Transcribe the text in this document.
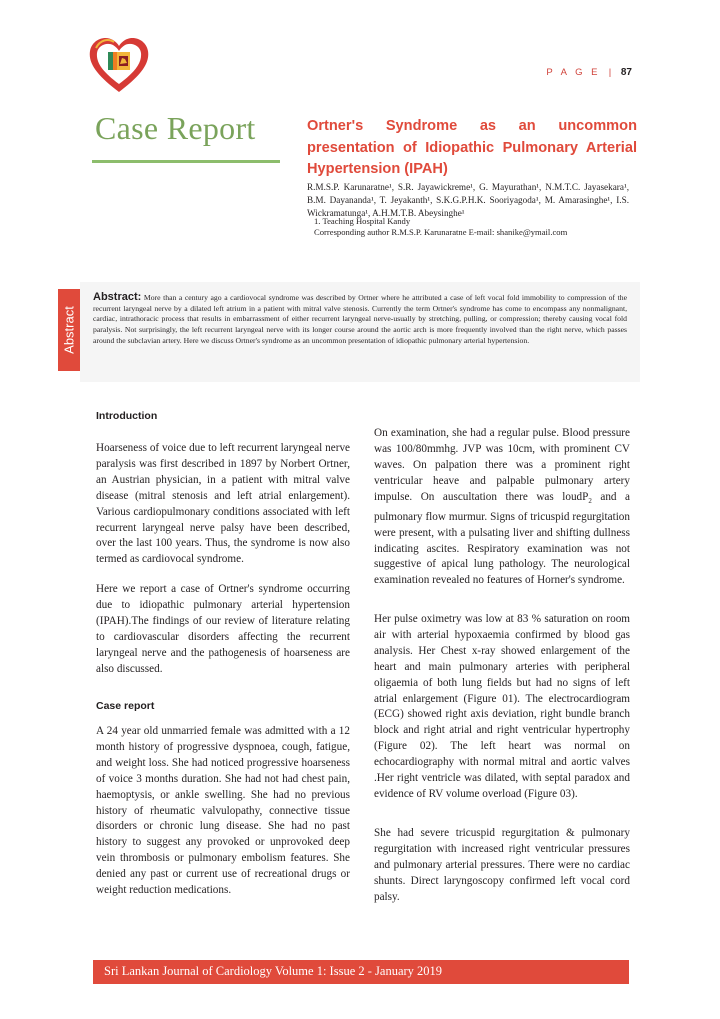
P A G E  | 87
Case Report	Ortner's Syndrome as an uncommon presentation of Idiopathic Pulmonary Arterial Hypertension (IPAH)
R.M.S.P. Karunaratne¹, S.R. Jayawickreme¹, G. Mayurathan¹, N.M.T.C. Jayasekara¹, B.M. Dayananda¹, T. Jeyakanth¹, S.K.G.P.H.K. Sooriyagoda¹, M. Amarasinghe¹, I.S. Wickramatunga¹, A.H.M.T.B. Abeysinghe¹
1. Teaching Hospital Kandy
Corresponding author R.M.S.P. Karunaratne E-mail: shanike@ymail.com
Abstract
Abstract: More than a century ago a cardiovocal syndrome was described by Ortner where he attributed a case of left vocal fold immobility to compression of the recurrent laryngeal nerve by a dilated left atrium in a patient with mitral valve stenosis. Currently the term Ortner's syndrome has come to encompass any nonmalignant, cardiac, intrathoracic process that results in embarrassment of either recurrent laryngeal nerve-usually by stretching, pulling, or compression; thereby causing vocal fold paralysis. Not surprisingly, the left recurrent laryngeal nerve with its longer course around the aortic arch is more frequently involved than the right nerve, which passes around the subclavian artery. Here we discuss Ortner's syndrome as an uncommon presentation of idiopathic pulmonary arterial hypertension.
Introduction
Hoarseness of voice due to left recurrent laryngeal nerve paralysis was first described in 1897 by Norbert Ortner, an Austrian physician, in a patient with mitral valve disease (mitral stenosis and left atrial enlargement). Various cardiopulmonary conditions associated with left recurrent laryngeal nerve palsy have been described, over the last 100 years. Thus, the syndrome is now also termed as cardiovocal syndrome.
Here we report a case of Ortner's syndrome occurring due to idiopathic pulmonary arterial hypertension (IPAH).The findings of our review of literature relating to cardiovascular disorders affecting the recurrent laryngeal nerve and the pathogenesis of hoarseness are also discussed.
Case report
A 24 year old unmarried female was admitted with a 12 month history of progressive dyspnoea, cough, fatigue, and weight loss. She had noticed progressive hoarseness of voice 3 months duration. She had not had chest pain, haemoptysis, or ankle swelling. She had no previous history of rheumatic valvulopathy, connective tissue disorders or chronic lung disease. She had no past history to suggest any provoked or unprovoked deep vein thrombosis or pulmonary embolism features. She denied any past or current use of recreational drugs or weight reduction medications.
On examination, she had a regular pulse. Blood pressure was 100/80mmhg. JVP was 10cm, with prominent CV waves. On palpation there was a prominent right ventricular heave and palpable pulmonary artery impulse. On auscultation there was loudP$_2$ and a pulmonary flow murmur. Signs of tricuspid regurgitation were present, with a pulsating liver and shifting dullness indicating ascites. Respiratory examination was not suggestive of apical lung pathology. The neurological examination revealed no features of Horner's syndrome.
Her pulse oximetry was low at 83 % saturation on room air with arterial hypoxaemia confirmed by blood gas analysis. Her Chest x-ray showed enlargement of the heart and main pulmonary arteries with peripheral oligaemia of both lung fields but had no signs of left atrial enlargement (Figure 01). The electrocardiogram (ECG) showed right axis deviation, right bundle branch block and right atrial and right ventricular hypertrophy (Figure 02). The left heart was normal on echocardiography with normal mitral and aortic valves .Her right ventricle was dilated, with septal paradox and evidence of RV volume overload (Figure 03).
She had severe tricuspid regurgitation & pulmonary regurgitation with increased right ventricular pressures and pulmonary arterial pressures. There were no cardiac shunts. Direct laryngoscopy confirmed left vocal cord palsy.
Sri Lankan Journal of Cardiology Volume 1: Issue 2 - January 2019
